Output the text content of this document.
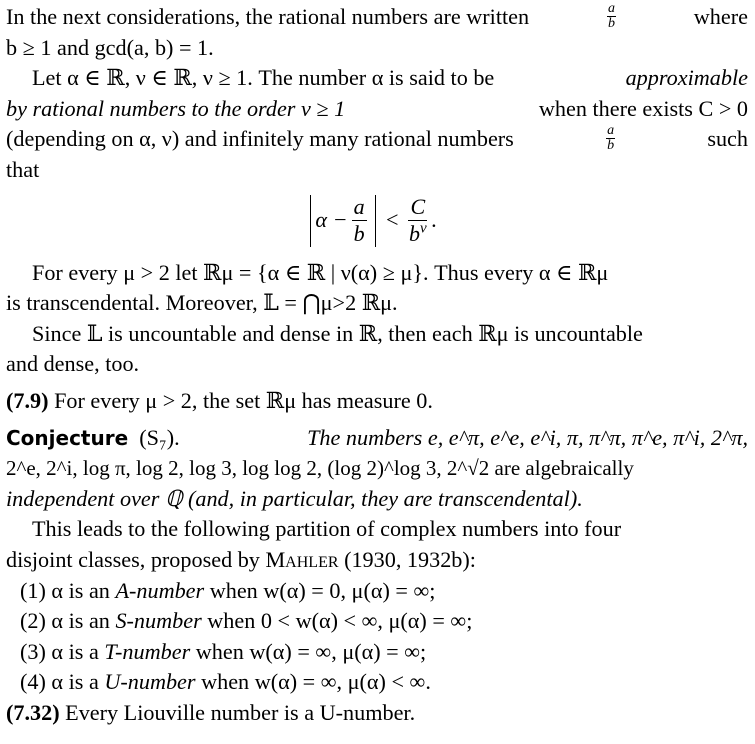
In the next considerations, the rational numbers are written	$\frac{a}{b}$	where
b ≥ 1 and gcd(a, b) = 1.
Let α ∈ ℝ, ν ∈ ℝ, ν ≥ 1. The number α is said to be	approximable
by rational numbers to the order ν ≥ 1	when there exists C > 0
(depending on α, ν) and infinitely many rational numbers	$\frac{a}{b}$	such
that
$\alpha - \frac{a}{b}$ <
C
$b^\nu$ .
For every μ > 2 let ℝμ = {α ∈ ℝ | ν(α) ≥ μ}. Thus every α ∈ ℝμ
is transcendental. Moreover, 𝕃 = ⋂μ>2 ℝμ.
Since 𝕃 is uncountable and dense in ℝ, then each ℝμ is uncountable
and dense, too.
(7.9) For every μ > 2, the set ℝμ has measure 0.
Conjecture (S₇).	The numbers e, e^π, e^e, e^i, π, π^π, π^e, π^i, 2^π,
2^e, 2^i, log π, log 2, log 3, log log 2, (log 2)^log 3, 2^√2 are algebraically
independent over ℚ (and, in particular, they are transcendental).
This leads to the following partition of complex numbers into four
disjoint classes, proposed by Mahler (1930, 1932b):
(1) α is an A-number when w(α) = 0, μ(α) = ∞;
(2) α is an S-number when 0 < w(α) < ∞, μ(α) = ∞;
(3) α is a T-number when w(α) = ∞, μ(α) = ∞;
(4) α is a U-number when w(α) = ∞, μ(α) < ∞.
(7.32) Every Liouville number is a U-number.
